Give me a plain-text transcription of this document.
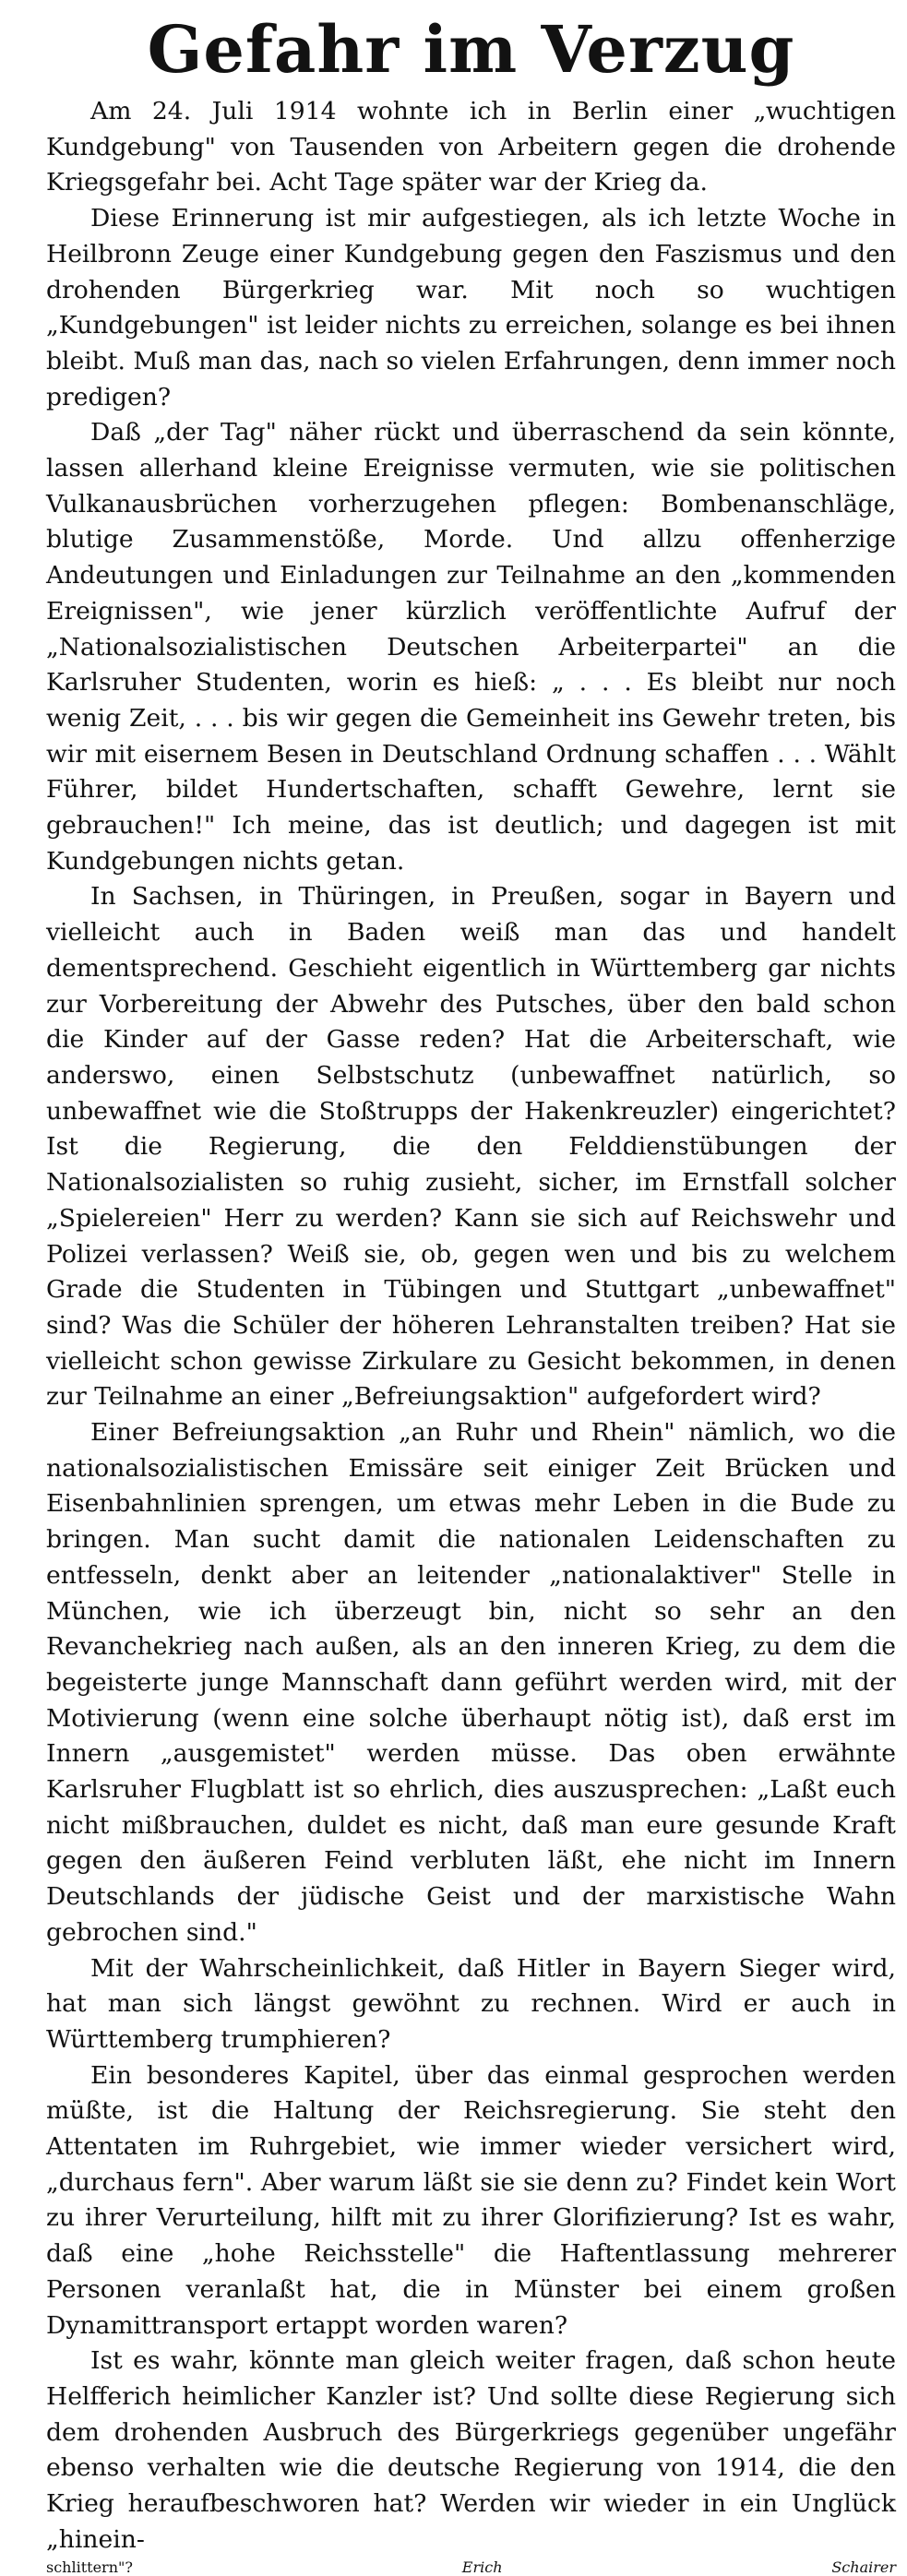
Gefahr im Verzug

Am 24. Juli 1914 wohnte ich in Berlin einer „wuchtigen Kundgebung" von Tausenden von Arbeitern gegen die drohende Kriegsgefahr bei. Acht Tage später war der Krieg da.

Diese Erinnerung ist mir aufgestiegen, als ich letzte Woche in Heilbronn Zeuge einer Kundgebung gegen den Faszismus und den drohenden Bürgerkrieg war. Mit noch so wuchtigen „Kundgebungen" ist leider nichts zu erreichen, solange es bei ihnen bleibt. Muß man das, nach so vielen Erfahrungen, denn immer noch predigen?

Daß „der Tag" näher rückt und überraschend da sein könnte, lassen allerhand kleine Ereignisse vermuten, wie sie politischen Vulkanausbrüchen vorherzugehen pflegen: Bombenanschläge, blutige Zusammenstöße, Morde. Und allzu offenherzige Andeutungen und Einladungen zur Teilnahme an den „kommenden Ereignissen", wie jener kürzlich veröffentlichte Aufruf der „Nationalsozialistischen Deutschen Arbeiterpartei" an die Karlsruher Studenten, worin es hieß: „ . . . Es bleibt nur noch wenig Zeit, . . . bis wir gegen die Gemeinheit ins Gewehr treten, bis wir mit eisernem Besen in Deutschland Ordnung schaffen . . . Wählt Führer, bildet Hundertschaften, schafft Gewehre, lernt sie gebrauchen!" Ich meine, das ist deutlich; und dagegen ist mit Kundgebungen nichts getan.

In Sachsen, in Thüringen, in Preußen, sogar in Bayern und vielleicht auch in Baden weiß man das und handelt dementsprechend. Geschieht eigentlich in Württemberg gar nichts zur Vorbereitung der Abwehr des Putsches, über den bald schon die Kinder auf der Gasse reden? Hat die Arbeiterschaft, wie anderswo, einen Selbstschutz (unbewaffnet natürlich, so unbewaffnet wie die Stoßtrupps der Hakenkreuzler) eingerichtet? Ist die Regierung, die den Felddienstübungen der Nationalsozialisten so ruhig zusieht, sicher, im Ernstfall solcher „Spielereien" Herr zu werden? Kann sie sich auf Reichswehr und Polizei verlassen? Weiß sie, ob, gegen wen und bis zu welchem Grade die Studenten in Tübingen und Stuttgart „unbewaffnet" sind? Was die Schüler der höheren Lehranstalten treiben? Hat sie vielleicht schon gewisse Zirkulare zu Gesicht bekommen, in denen zur Teilnahme an einer „Befreiungsaktion" aufgefordert wird?

Einer Befreiungsaktion „an Ruhr und Rhein" nämlich, wo die nationalsozialistischen Emissäre seit einiger Zeit Brücken und Eisenbahnlinien sprengen, um etwas mehr Leben in die Bude zu bringen. Man sucht damit die nationalen Leidenschaften zu entfesseln, denkt aber an leitender „nationalaktiver" Stelle in München, wie ich überzeugt bin, nicht so sehr an den Revanchekrieg nach außen, als an den inneren Krieg, zu dem die begeisterte junge Mannschaft dann geführt werden wird, mit der Motivierung (wenn eine solche überhaupt nötig ist), daß erst im Innern „ausgemistet" werden müsse. Das oben erwähnte Karlsruher Flugblatt ist so ehrlich, dies auszusprechen: „Laßt euch nicht mißbrauchen, duldet es nicht, daß man eure gesunde Kraft gegen den äußeren Feind verbluten läßt, ehe nicht im Innern Deutschlands der jüdische Geist und der marxistische Wahn gebrochen sind."

Mit der Wahrscheinlichkeit, daß Hitler in Bayern Sieger wird, hat man sich längst gewöhnt zu rechnen. Wird er auch in Württemberg trumphieren?

Ein besonderes Kapitel, über das einmal gesprochen werden müßte, ist die Haltung der Reichsregierung. Sie steht den Attentaten im Ruhrgebiet, wie immer wieder versichert wird, „durchaus fern". Aber warum läßt sie sie denn zu? Findet kein Wort zu ihrer Verurteilung, hilft mit zu ihrer Glorifizierung? Ist es wahr, daß eine „hohe Reichsstelle" die Haftentlassung mehrerer Personen veranlaßt hat, die in Münster bei einem großen Dynamittransport ertappt worden waren?

Ist es wahr, könnte man gleich weiter fragen, daß schon heute Helfferich heimlicher Kanzler ist? Und sollte diese Regierung sich dem drohenden Ausbruch des Bürgerkriegs gegenüber ungefähr ebenso verhalten wie die deutsche Regierung von 1914, die den Krieg heraufbeschworen hat? Werden wir wieder in ein Unglück „hinein-

schlittern"?	Erich Schairer
